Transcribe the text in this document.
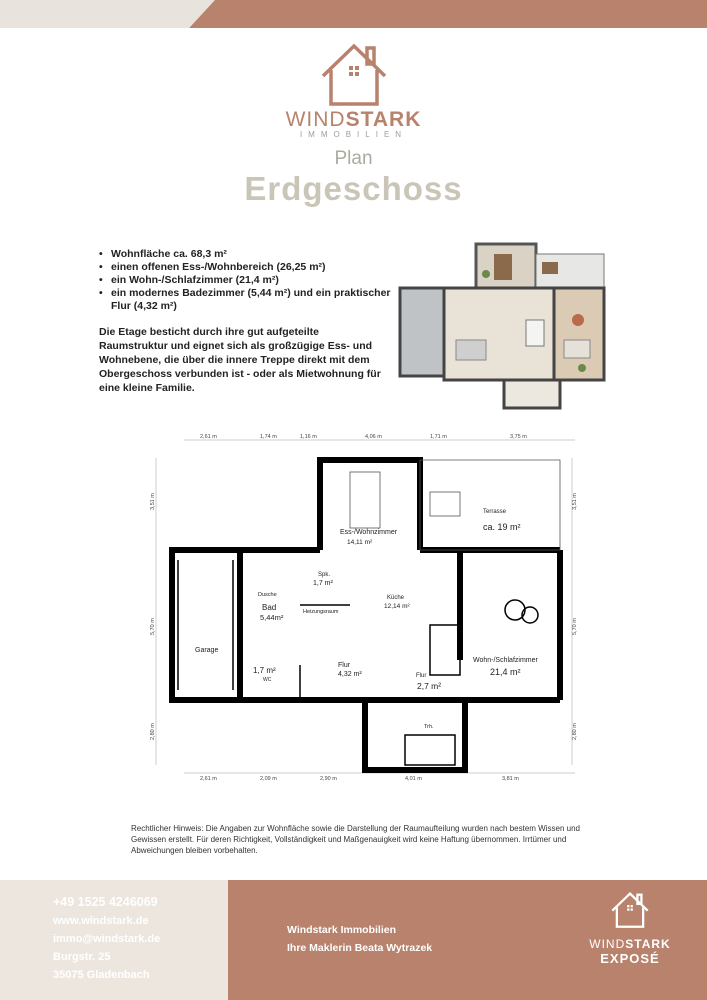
WINDSTARK
IMMOBILIEN
Plan
Erdgeschoss
• Wohnfläche ca. 68,3 m²
• einen offenen Ess-/Wohnbereich (26,25 m²)
• ein Wohn-/Schlafzimmer (21,4 m²)
• ein modernes Badezimmer (5,44 m²) und ein praktischer Flur (4,32 m²)
Die Etage besticht durch ihre gut aufgeteilte Raumstruktur und eignet sich als großzügige Ess- und Wohnebene, die über die innere Treppe direkt mit dem Obergeschoss verbunden ist - oder als Mietwohnung für eine kleine Familie.
2,61 m	1,74 m	1,16 m	4,06 m	1,71 m	3,75 m
2,61 m	2,09 m	2,90 m	4,01 m	3,81 m
3,51 m
5,70 m
2,80 m
3,51 m
5,70 m
2,80 m
Ess-/Wohnzimmer
14,11 m²
Terrasse
ca. 19 m²
Spk.
1,7 m²
Küche
12,14 m²
Dusche
Bad
5,44m²
Heizungsraum
Garage
1,7 m²
WC
Flur
4,32 m²	Flur
2,7 m²
Wohn-/Schlafzimmer
21,4 m²
Trh.
Rechtlicher Hinweis: Die Angaben zur Wohnfläche sowie die Darstellung der Raumaufteilung wurden nach bestem Wissen und Gewissen erstellt. Für deren Richtigkeit, Vollständigkeit und Maßgenauigkeit wird keine Haftung übernommen. Irrtümer und Abweichungen bleiben vorbehalten.
+49 1525 4246069
www.windstark.de
immo@windstark.de
Burgstr. 25
35075 Gladenbach
Windstark Immobilien
Ihre Maklerin Beata Wytrazek	WINDSTARK
EXPOSÉ
